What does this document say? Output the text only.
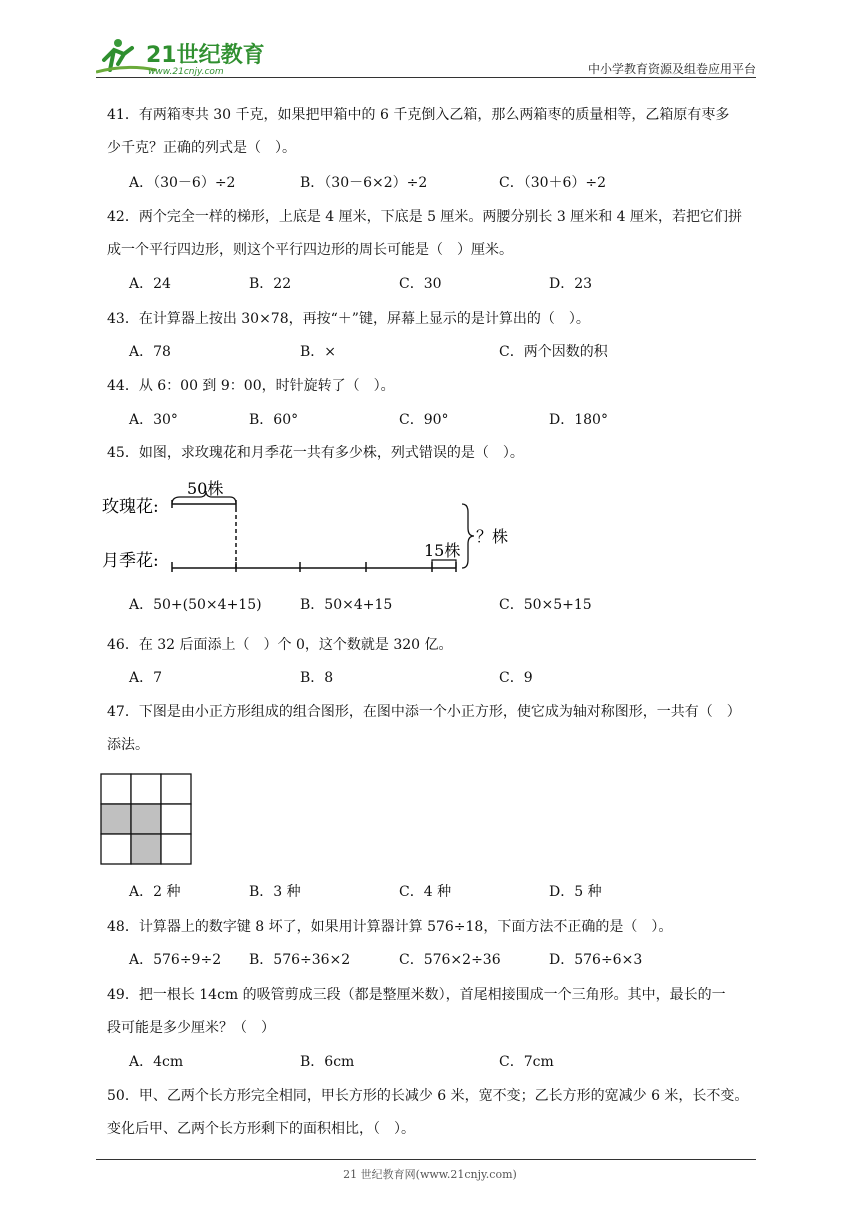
21世纪教育
www.21cnjy.com	中小学教育资源及组卷应用平台
41．有两箱枣共 30 千克，如果把甲箱中的 6 千克倒入乙箱，那么两箱枣的质量相等，乙箱原有枣多
少千克？正确的列式是（　）。
A．（30－6）÷2	B．（30－6×2）÷2	C．（30＋6）÷2
42．两个完全一样的梯形，上底是 4 厘米，下底是 5 厘米。两腰分别长 3 厘米和 4 厘米，若把它们拼
成一个平行四边形，则这个平行四边形的周长可能是（　）厘米。
A．24	B．22	C．30	D．23
43．在计算器上按出 30×78，再按“＋”键，屏幕上显示的是计算出的（　）。
A．78	B．×	C．两个因数的积
44．从 6：00 到 9：00，时针旋转了（　）。
A．30°	B．60°	C．90°	D．180°
45．如图，求玫瑰花和月季花一共有多少株，列式错误的是（　）。
玫瑰花:
月季花:
50株
15株
？株
A．50+(50×4+15)	B．50×4+15	C．50×5+15
46．在 32 后面添上（　）个 0，这个数就是 320 亿。
A．7	B．8	C．9
47．下图是由小正方形组成的组合图形，在图中添一个小正方形，使它成为轴对称图形，一共有（　）
添法。
A．2 种	B．3 种	C．4 种	D．5 种
48．计算器上的数字键 8 坏了，如果用计算器计算 576÷18，下面方法不正确的是（　）。
A．576÷9÷2 B．576÷36×2	C．576×2÷36	D．576÷6×3
49．把一根长 14cm 的吸管剪成三段（都是整厘米数），首尾相接围成一个三角形。其中，最长的一
段可能是多少厘米？（　）
A．4cm	B．6cm	C．7cm
50．甲、乙两个长方形完全相同，甲长方形的长减少 6 米，宽不变；乙长方形的宽减少 6 米，长不变。
变化后甲、乙两个长方形剩下的面积相比，（　）。
21 世纪教育网(www.21cnjy.com)
